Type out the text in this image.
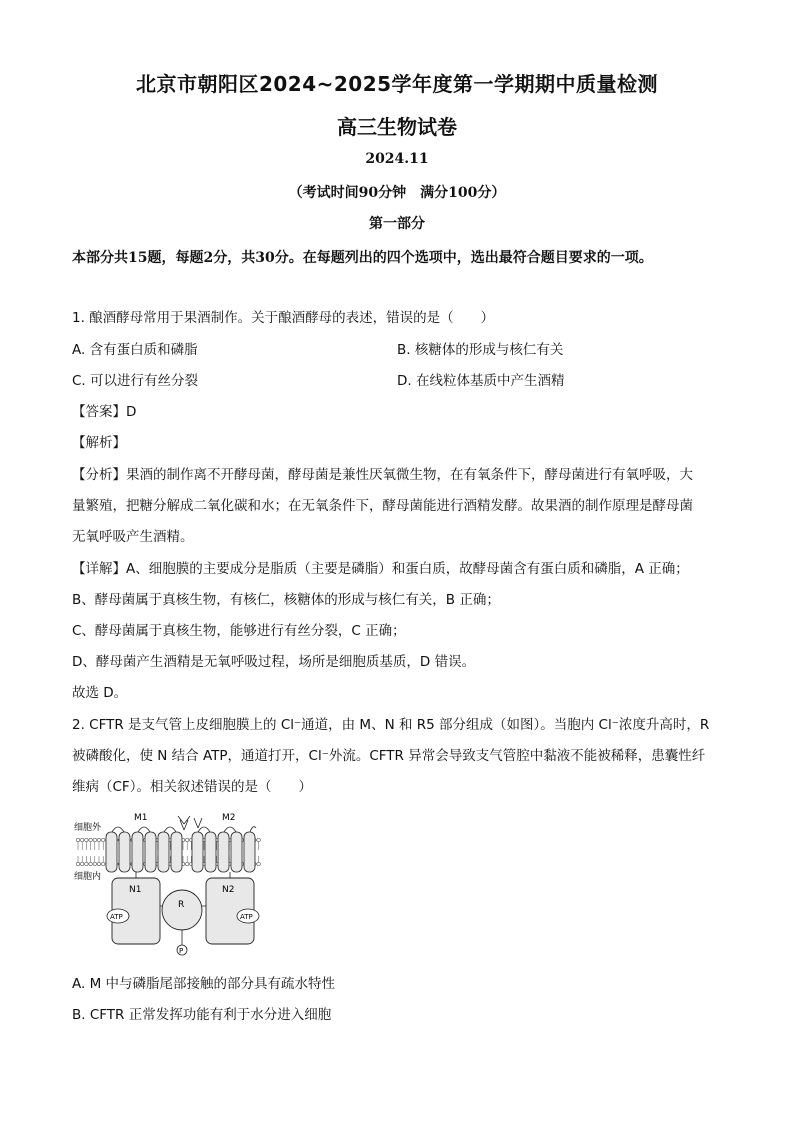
北京市朝阳区2024~2025学年度第一学期期中质量检测
高三生物试卷
2024.11
（考试时间90分钟　满分100分）
第一部分
本部分共15题，每题2分，共30分。在每题列出的四个选项中，选出最符合题目要求的一项。
1. 酿酒酵母常用于果酒制作。关于酿酒酵母的表述，错误的是（　　）
A. 含有蛋白质和磷脂	B. 核糖体的形成与核仁有关
C. 可以进行有丝分裂	D. 在线粒体基质中产生酒精
【答案】D
【解析】
【分析】果酒的制作离不开酵母菌，酵母菌是兼性厌氧微生物，在有氧条件下，酵母菌进行有氧呼吸，大
量繁殖，把糖分解成二氧化碳和水；在无氧条件下，酵母菌能进行酒精发酵。故果酒的制作原理是酵母菌
无氧呼吸产生酒精。
【详解】A、细胞膜的主要成分是脂质（主要是磷脂）和蛋白质，故酵母菌含有蛋白质和磷脂，A 正确；
B、酵母菌属于真核生物，有核仁，核糖体的形成与核仁有关，B 正确；
C、酵母菌属于真核生物，能够进行有丝分裂，C 正确；
D、酵母菌产生酒精是无氧呼吸过程，场所是细胞质基质，D 错误。
故选 D。
2. CFTR 是支气管上皮细胞膜上的 Cl⁻通道，由 M、N 和 R5 部分组成（如图）。当胞内 Cl⁻浓度升高时，R
被磷酸化，使 N 结合 ATP，通道打开，Cl⁻外流。CFTR 异常会导致支气管腔中黏液不能被稀释，患囊性纤
维病（CF）。相关叙述错误的是（　　）
细胞外
细胞内
M1	M2
N1	N2
R
P
ATP	ATP
A. M 中与磷脂尾部接触的部分具有疏水特性
B. CFTR 正常发挥功能有利于水分进入细胞
